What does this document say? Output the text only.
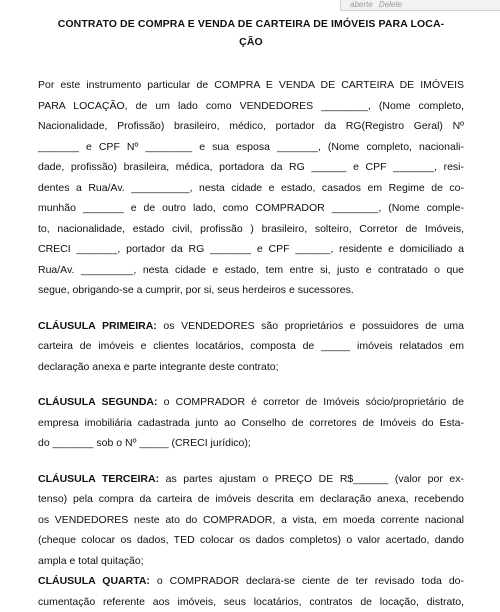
aberte Delete
CONTRATO DE COMPRA E VENDA DE CARTEIRA DE IMÓVEIS PARA LOCA-
ÇÃO
Por este instrumento particular de COMPRA E VENDA DE CARTEIRA DE IMÓVEIS
PARA LOCAÇÃO, de um lado como VENDEDORES ________, (Nome completo,
Nacionalidade, Profissão) brasileiro, médico, portador da RG(Registro Geral) Nº
_______ e CPF Nº ________ e sua esposa _______, (Nome completo, nacionali-
dade, profissão) brasileira, médica, portadora da RG ______ e CPF _______, resi-
dentes a Rua/Av. __________, nesta cidade e estado, casados em Regime de co-
munhão _______ e de outro lado, como COMPRADOR ________, (Nome comple-
to, nacionalidade, estado civil, profissão ) brasileiro, solteiro, Corretor de Imóveis,
CRECI _______, portador da RG _______ e CPF ______, residente e domiciliado a
Rua/Av. _________, nesta cidade e estado, tem entre si, justo e contratado o que
segue, obrigando-se a cumprir, por si, seus herdeiros e sucessores.
CLÁUSULA PRIMEIRA: os VENDEDORES são proprietários e possuidores de uma
carteira de imóveis e clientes locatários, composta de _____ imóveis relatados em
declaração anexa e parte integrante deste contrato;
CLÁUSULA SEGUNDA: o COMPRADOR é corretor de Imóveis sócio/proprietário de
empresa imobiliária cadastrada junto ao Conselho de corretores de Imóveis do Esta-
do _______ sob o Nº _____ (CRECI jurídico);
CLÁUSULA TERCEIRA: as partes ajustam o PREÇO DE R$______ (valor por ex-
tenso) pela compra da carteira de imóveis descrita em declaração anexa, recebendo
os VENDEDORES neste ato do COMPRADOR, a vista, em moeda corrente nacional
(cheque colocar os dados, TED colocar os dados completos) o valor acertado, dando
ampla e total quitação;
CLÁUSULA QUARTA: o COMPRADOR declara-se ciente de ter revisado toda do-
cumentação referente aos imóveis, seus locatários, contratos de locação, distrato,
